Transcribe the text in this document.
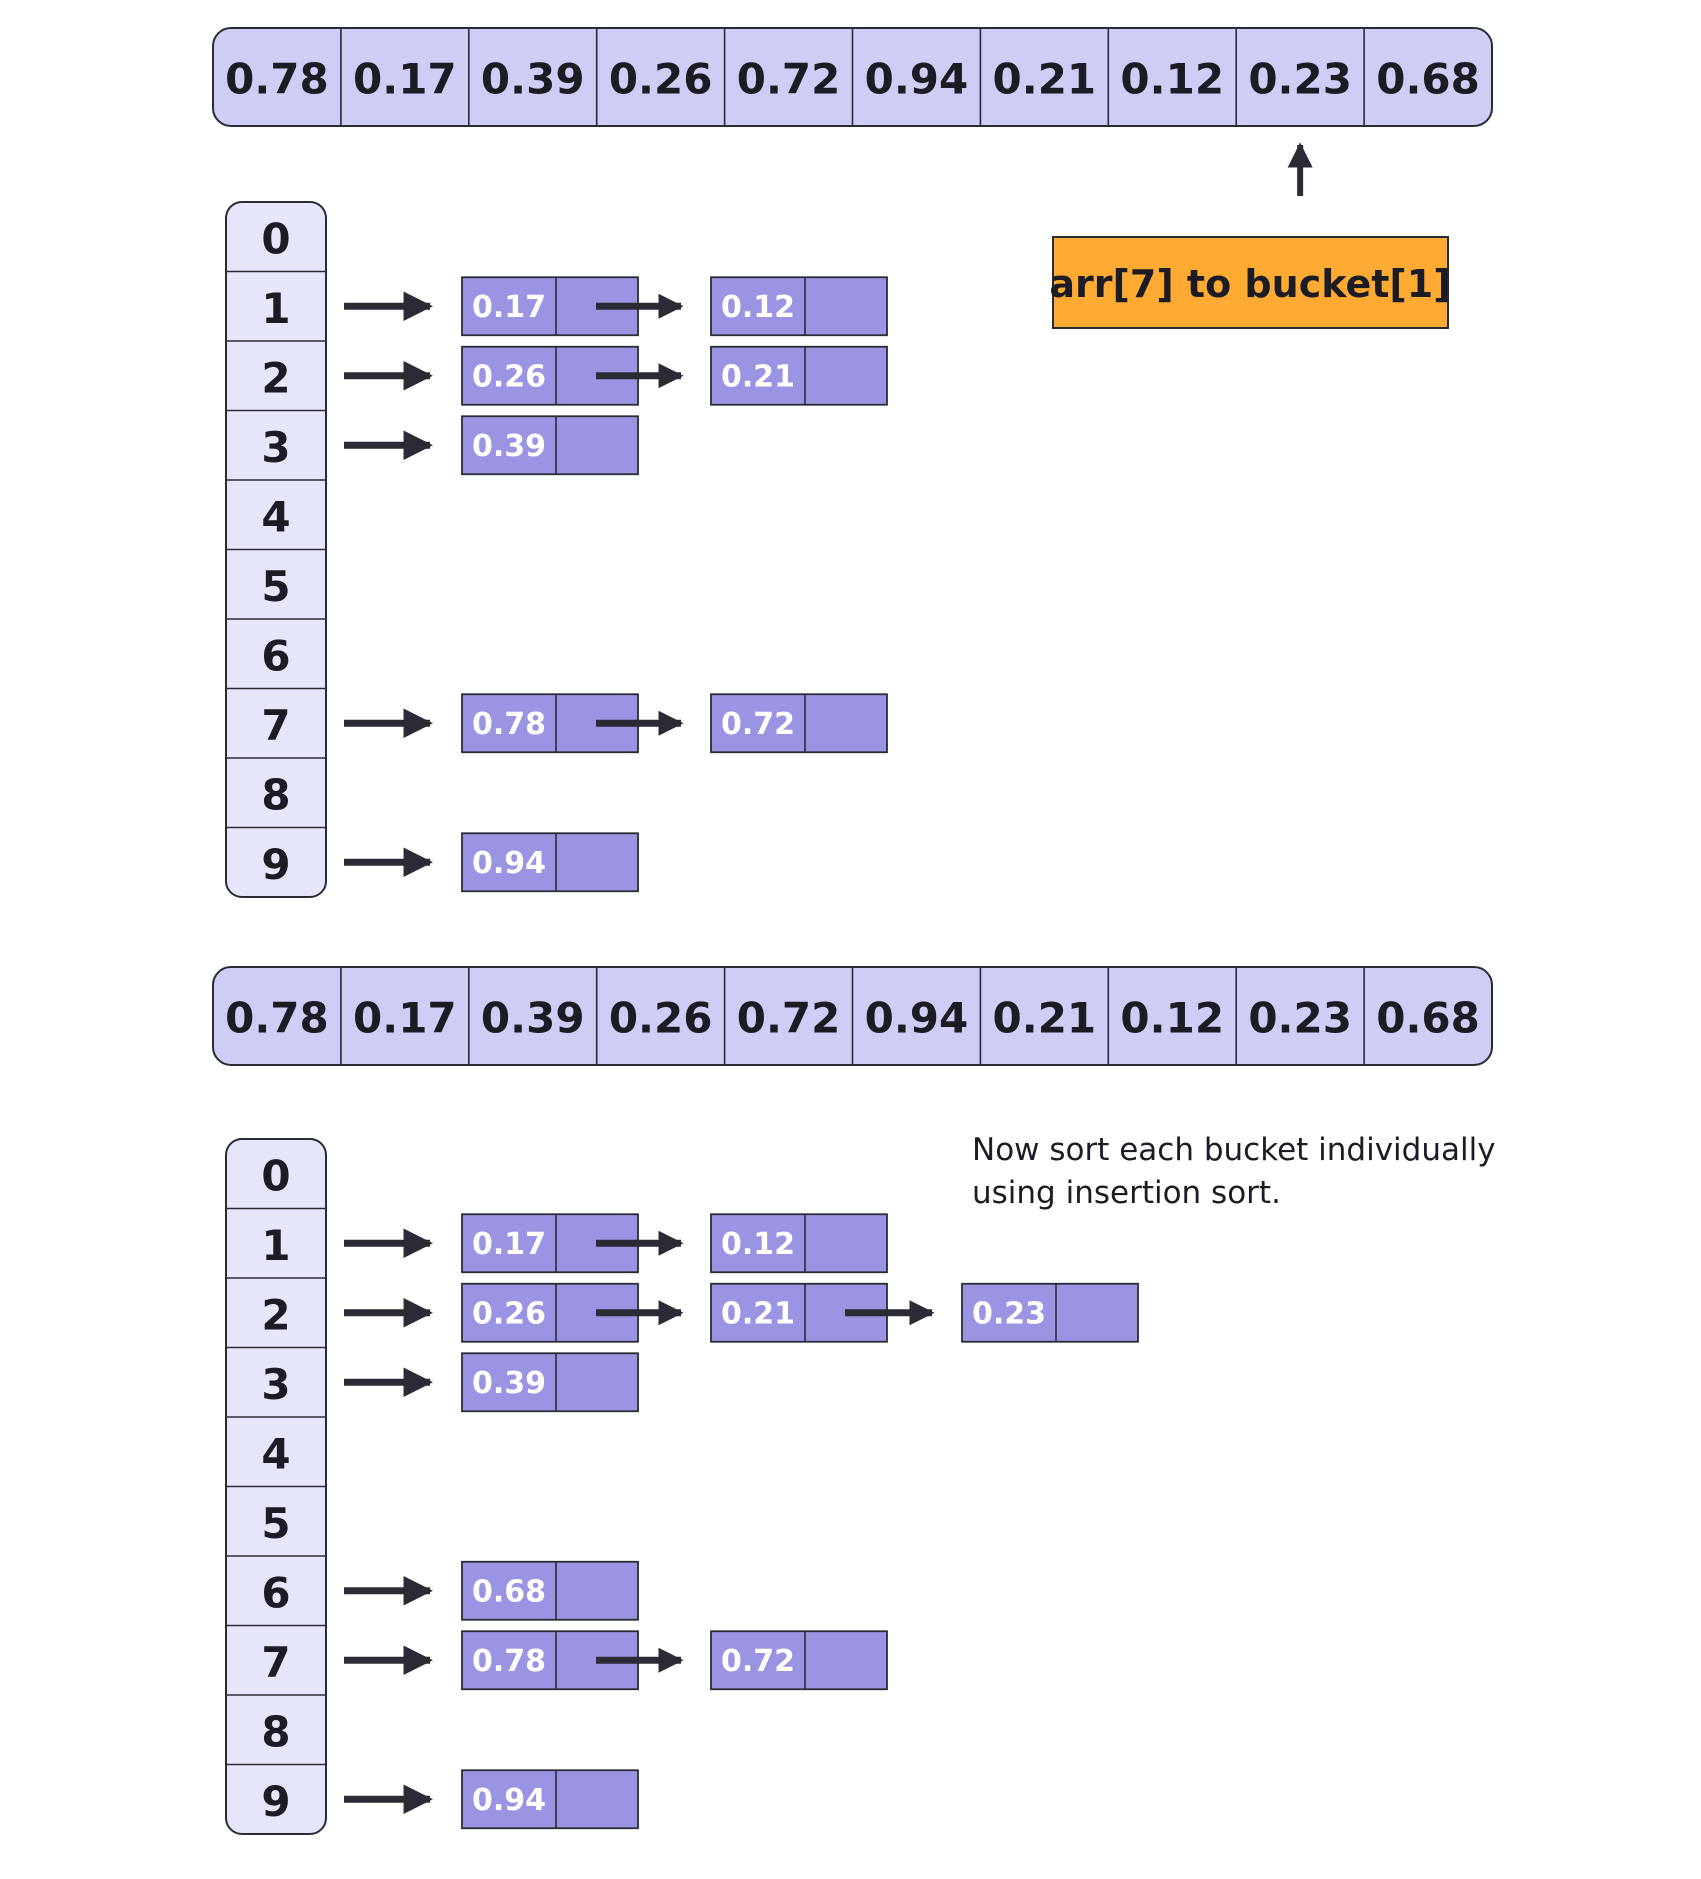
0.78 0.17 0.39 0.26 0.72 0.94 0.21 0.12 0.23 0.68
0
1
2
3
4
5
6
7
8
9
0.17	0.12
0.26	0.21
0.39
0.78	0.72
0.94
0.78 0.17 0.39 0.26 0.72 0.94 0.21 0.12 0.23 0.68
0
1
2
3
4
5
6
7
8
9
0.17	0.12
0.26	0.21	0.23
0.39
0.68
0.78	0.72
0.94
arr[7] to bucket[1]
Now sort each bucket individually
using insertion sort.
